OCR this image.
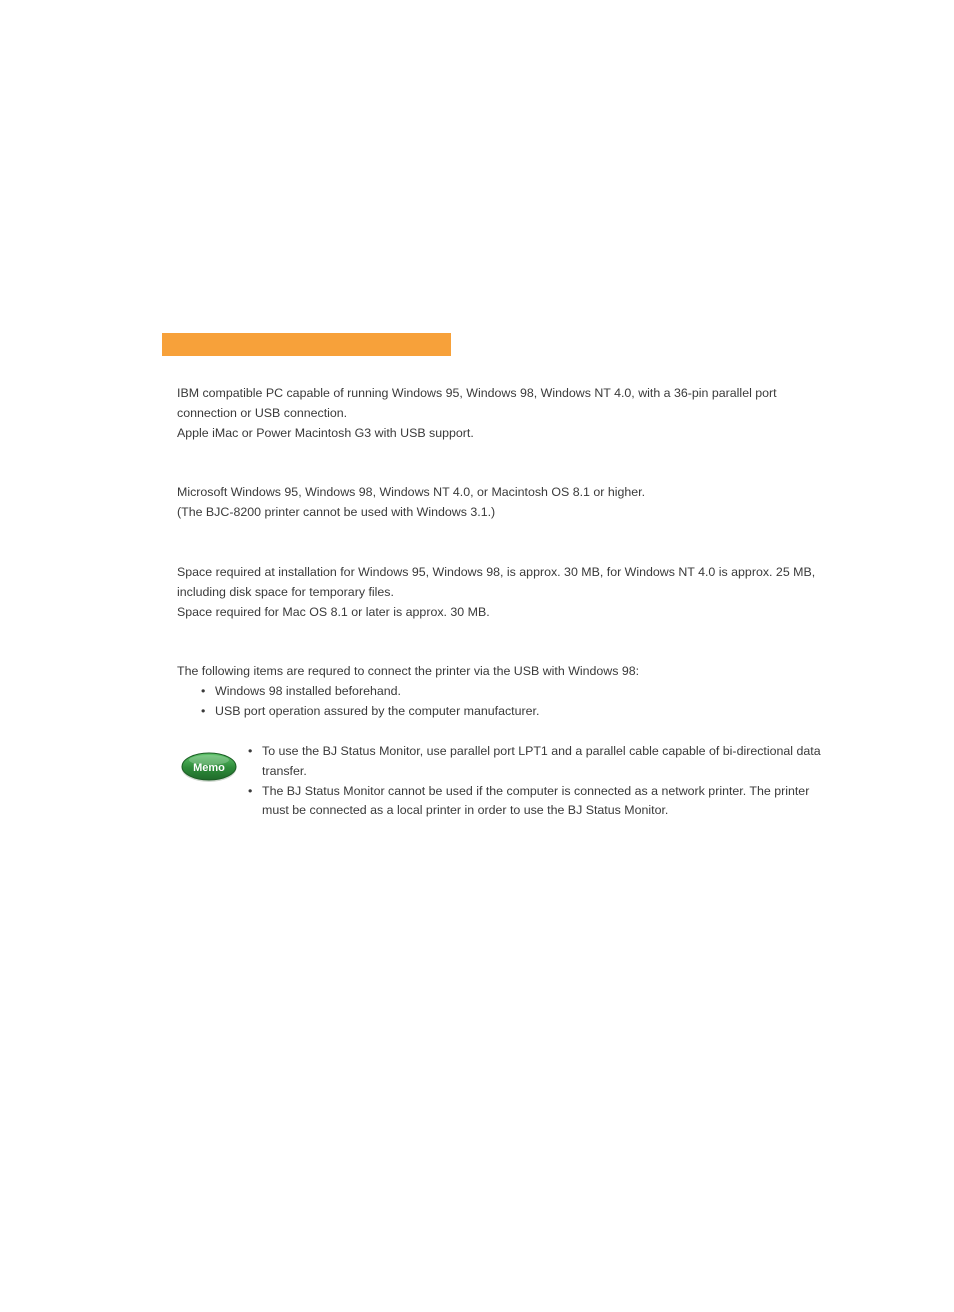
IBM compatible PC capable of running Windows 95, Windows 98, Windows NT 4.0, with a 36-pin parallel port connection or USB connection.

Apple iMac or Power Macintosh G3 with USB support.

Microsoft Windows 95, Windows 98, Windows NT 4.0, or Macintosh OS 8.1 or higher.

(The BJC-8200 printer cannot be used with Windows 3.1.)

Space required at installation for Windows 95, Windows 98, is approx. 30 MB, for Windows NT 4.0 is approx. 25 MB, including disk space for temporary files.

Space required for Mac OS 8.1 or later is approx. 30 MB.

The following items are requred to connect the printer via the USB with Windows 98:

• Windows 98 installed beforehand.
• USB port operation assured by the computer manufacturer.
Memo
• To use the BJ Status Monitor, use parallel port LPT1 and a parallel cable capable of bi-directional data transfer.
• The BJ Status Monitor cannot be used if the computer is connected as a network printer. The printer must be connected as a local printer in order to use the BJ Status Monitor.
